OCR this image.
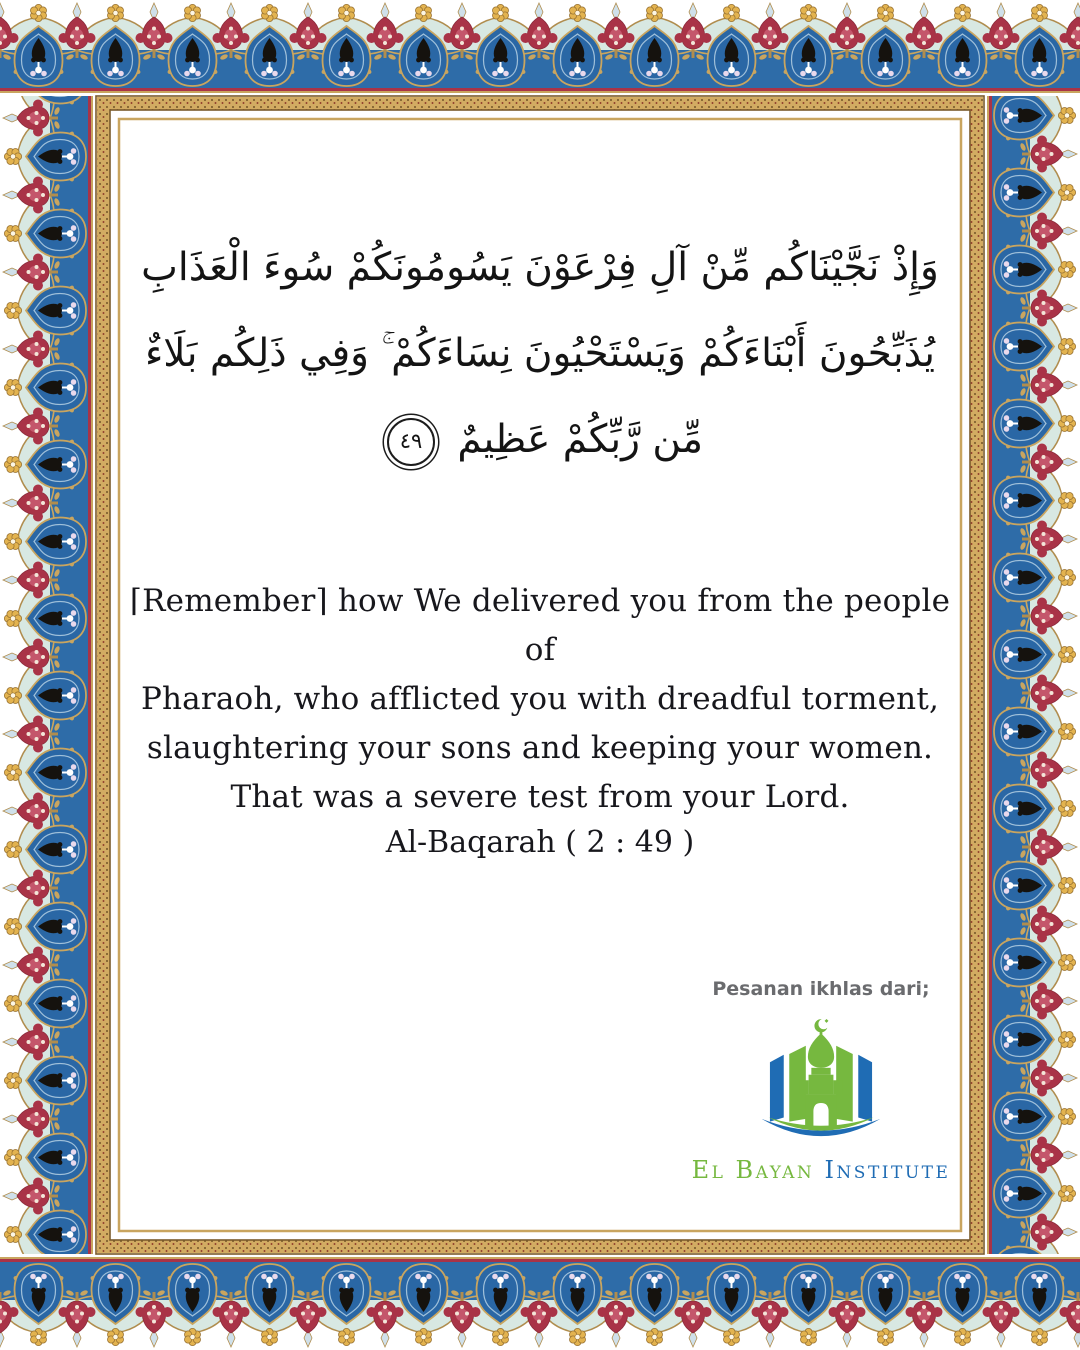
وَإِذْ نَجَّيْنَاكُم مِّنْ آلِ فِرْعَوْنَ يَسُومُونَكُمْ سُوءَ الْعَذَابِ
يُذَبِّحُونَ أَبْنَاءَكُمْ وَيَسْتَحْيُونَ نِسَاءَكُمْ ۚ وَفِي ذَلِكُم بَلَاءٌ
مِّن رَّبِّكُمْ عَظِيمٌ ٤٩
⌈Remember⌉ how We delivered you from the people of
Pharaoh, who afflicted you with dreadful torment,
slaughtering your sons and keeping your women.
That was a severe test from your Lord.
Al-Baqarah ( 2 : 49 )
Pesanan ikhlas dari;
El Bayan Institute
